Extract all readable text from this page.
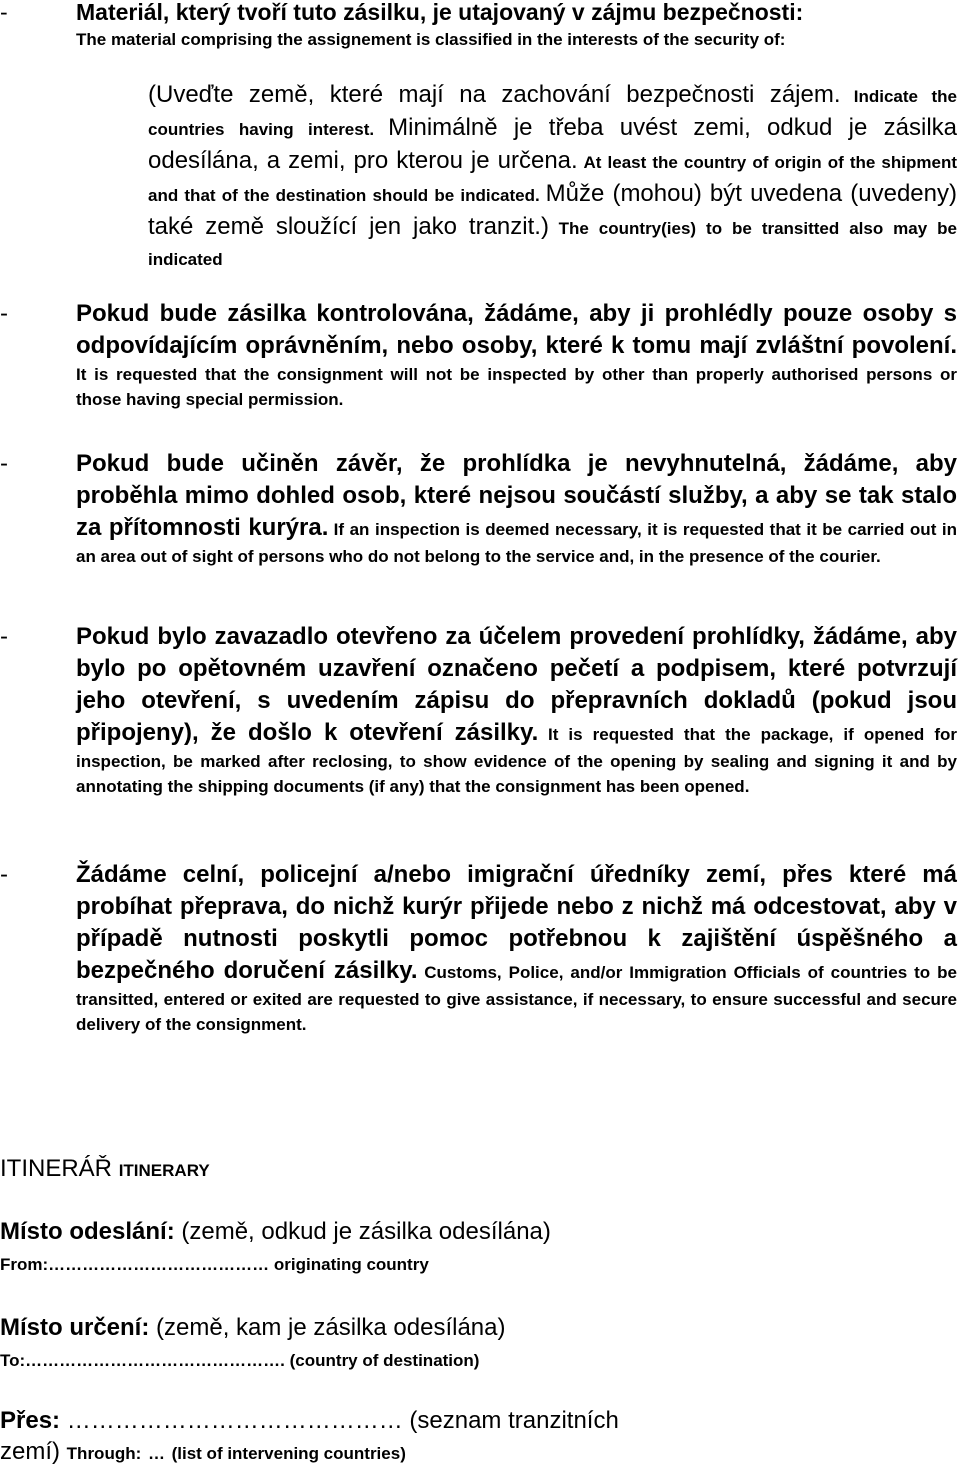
-	Materiál, který tvoří tuto zásilku, je utajovaný v zájmu bezpečnosti:
The material comprising the assignement is classified in the interests of the security of:
(Uveďte země, které mají na zachování bezpečnosti zájem. Indicate the countries having interest. Minimálně je třeba uvést zemi, odkud je zásilka odesílána, a zemi, pro kterou je určena. At least the country of origin of the shipment and that of the destination should be indicated. Může (mohou) být uvedena (uvedeny) také země sloužící jen jako tranzit.) The country(ies) to be transitted also may be indicated
-	Pokud bude zásilka kontrolována, žádáme, aby ji prohlédly pouze osoby s odpovídajícím oprávněním, nebo osoby, které k tomu mají zvláštní povolení. It is requested that the consignment will not be inspected by other than properly authorised persons or those having special permission.
-	Pokud bude učiněn závěr, že prohlídka je nevyhnutelná, žádáme, aby proběhla mimo dohled osob, které nejsou součástí služby, a aby se tak stalo za přítomnosti kurýra. If an inspection is deemed necessary, it is requested that it be carried out in an area out of sight of persons who do not belong to the service and, in the presence of the courier.
-	Pokud bylo zavazadlo otevřeno za účelem provedení prohlídky, žádáme, aby bylo po opětovném uzavření označeno pečetí a podpisem, které potvrzují jeho otevření, s uvedením zápisu do přepravních dokladů (pokud jsou připojeny), že došlo k otevření zásilky. It is requested that the package, if opened for inspection, be marked after reclosing, to show evidence of the opening by sealing and signing it and by annotating the shipping documents (if any) that the consignment has been opened.
-	Žádáme celní, policejní a/nebo imigrační úředníky zemí, přes které má probíhat přeprava, do nichž kurýr přijede nebo z nichž má odcestovat, aby v případě nutnosti poskytli pomoc potřebnou k zajištění úspěšného a bezpečného doručení zásilky. Customs, Police, and/or Immigration Officials of countries to be transitted, entered or exited are requested to give assistance, if necessary, to ensure successful and secure delivery of the consignment.
ITINERÁŘ ITINERARY
Místo odeslání: (země, odkud je zásilka odesílána)
From:………………………………… originating country
Místo určení: (země, kam je zásilka odesílána)
To:………………………………………. (country of destination)
Přes: …………………………………… (seznam tranzitních
zemí) Through: … (list of intervening countries)
